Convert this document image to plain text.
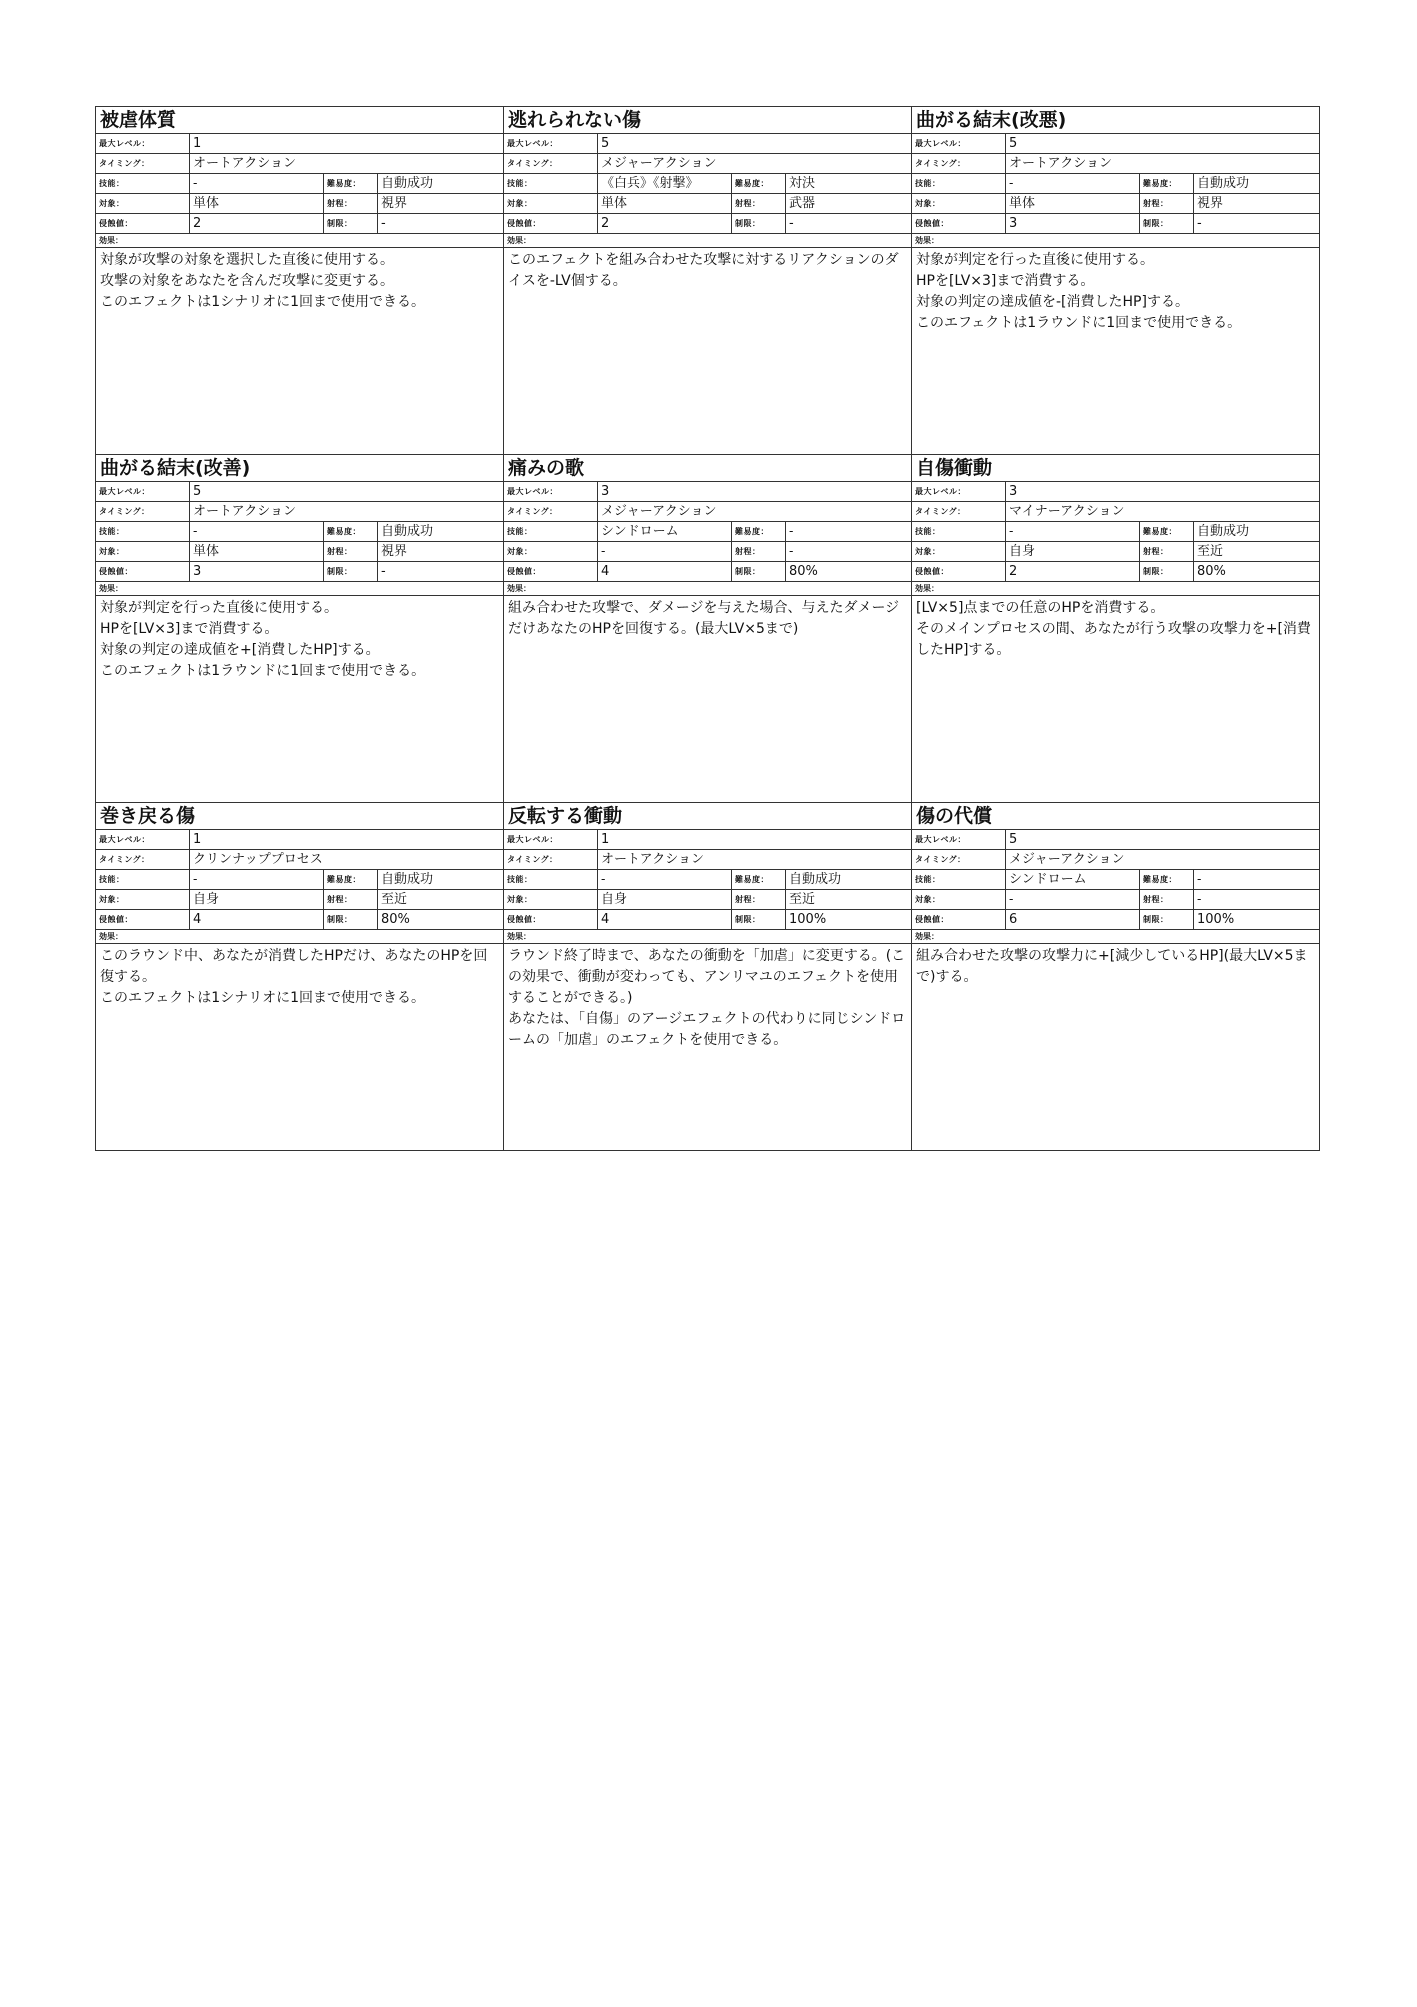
被虐体質
最大レベル：	1
タイミング：	オートアクション
技能：	-	難易度：	自動成功
対象：	単体	射程：	視界
侵蝕値：	2	制限：	-
効果：
対象が攻撃の対象を選択した直後に使用する。
攻撃の対象をあなたを含んだ攻撃に変更する。
このエフェクトは1シナリオに1回まで使用できる。
逃れられない傷
最大レベル：	5
タイミング：	メジャーアクション
技能：	《白兵》《射撃》	難易度：	対決
対象：	単体	射程：	武器
侵蝕値：	2	制限：	-
効果：
このエフェクトを組み合わせた攻撃に対するリアクションのダイスを-LV個する。
曲がる結末(改悪)
最大レベル：	5
タイミング：	オートアクション
技能：	-	難易度：	自動成功
対象：	単体	射程：	視界
侵蝕値：	3	制限：	-
効果：
対象が判定を行った直後に使用する。
HPを[LV×3]まで消費する。
対象の判定の達成値を-[消費したHP]する。
このエフェクトは1ラウンドに1回まで使用できる。
曲がる結末(改善)
最大レベル：	5
タイミング：	オートアクション
技能：	-	難易度：	自動成功
対象：	単体	射程：	視界
侵蝕値：	3	制限：	-
効果：
対象が判定を行った直後に使用する。
HPを[LV×3]まで消費する。
対象の判定の達成値を+[消費したHP]する。
このエフェクトは1ラウンドに1回まで使用できる。
痛みの歌
最大レベル：	3
タイミング：	メジャーアクション
技能：	シンドローム	難易度：	-
対象：	-	射程：	-
侵蝕値：	4	制限：	80%
効果：
組み合わせた攻撃で、ダメージを与えた場合、与えたダメージだけあなたのHPを回復する。(最大LV×5まで)
自傷衝動
最大レベル：	3
タイミング：	マイナーアクション
技能：	-	難易度：	自動成功
対象：	自身	射程：	至近
侵蝕値：	2	制限：	80%
効果：
[LV×5]点までの任意のHPを消費する。
そのメインプロセスの間、あなたが行う攻撃の攻撃力を+[消費したHP]する。
巻き戻る傷
最大レベル：	1
タイミング：	クリンナッププロセス
技能：	-	難易度：	自動成功
対象：	自身	射程：	至近
侵蝕値：	4	制限：	80%
効果：
このラウンド中、あなたが消費したHPだけ、あなたのHPを回復する。
このエフェクトは1シナリオに1回まで使用できる。
反転する衝動
最大レベル：	1
タイミング：	オートアクション
技能：	-	難易度：	自動成功
対象：	自身	射程：	至近
侵蝕値：	4	制限：	100%
効果：
ラウンド終了時まで、あなたの衝動を「加虐」に変更する。(この効果で、衝動が変わっても、アンリマユのエフェクトを使用することができる。)
あなたは、「自傷」のアージエフェクトの代わりに同じシンドロームの「加虐」のエフェクトを使用できる。
傷の代償
最大レベル：	5
タイミング：	メジャーアクション
技能：	シンドローム	難易度：	-
対象：	-	射程：	-
侵蝕値：	6	制限：	100%
効果：
組み合わせた攻撃の攻撃力に+[減少しているHP](最大LV×5まで)する。
